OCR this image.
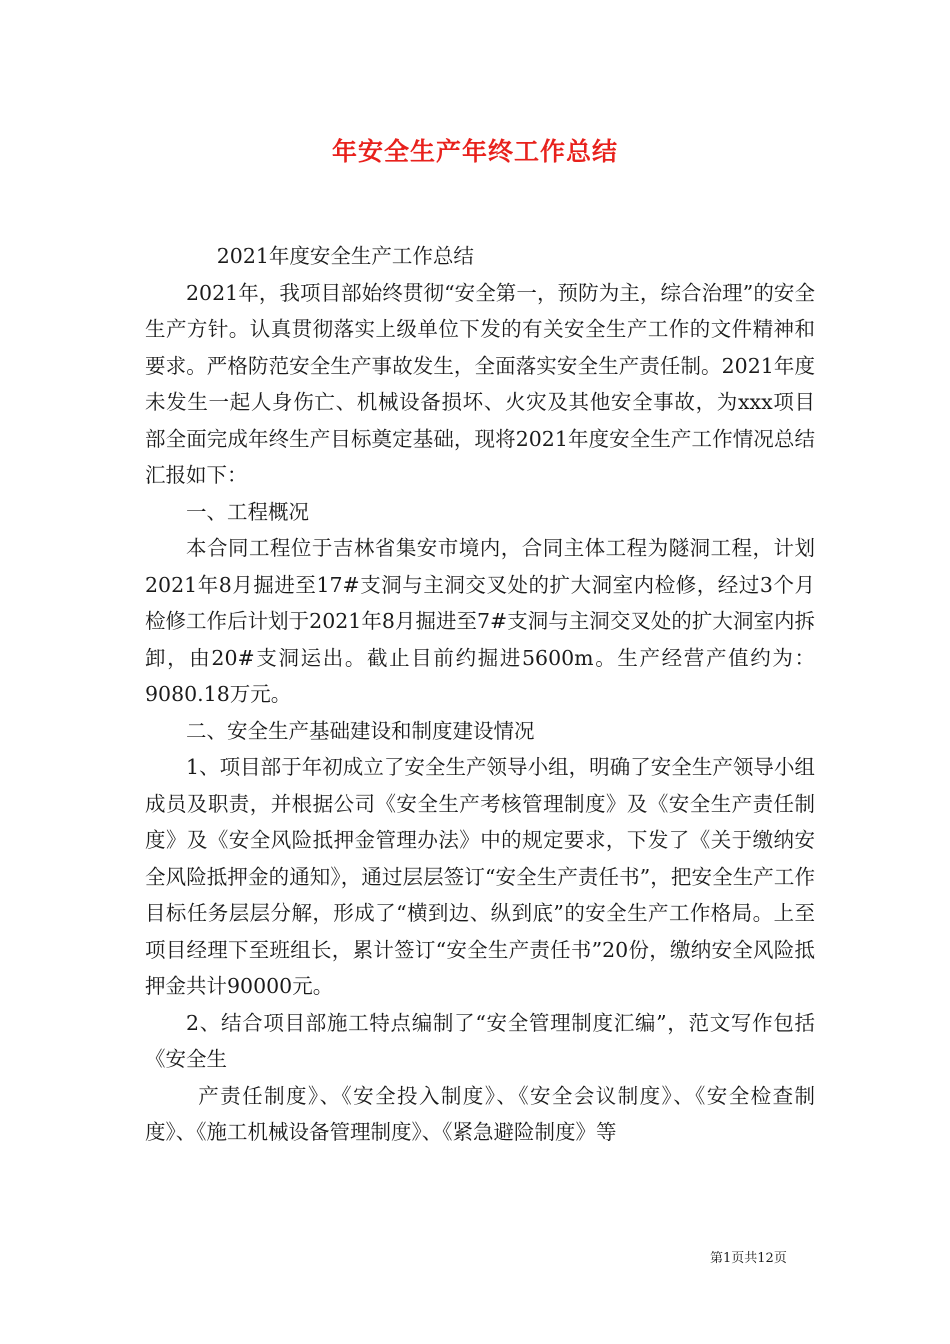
年安全生产年终工作总结

2021年度安全生产工作总结

2021年，我项目部始终贯彻“安全第一，预防为主，综合治理”的安全生产方针。认真贯彻落实上级单位下发的有关安全生产工作的文件精神和要求。严格防范安全生产事故发生，全面落实安全生产责任制。2021年度未发生一起人身伤亡、机械设备损坏、火灾及其他安全事故，为xxx项目部全面完成年终生产目标奠定基础，现将2021年度安全生产工作情况总结汇报如下：

一、工程概况

本合同工程位于吉林省集安市境内，合同主体工程为隧洞工程，计划2021年8月掘进至17#支洞与主洞交叉处的扩大洞室内检修，经过3个月检修工作后计划于2021年8月掘进至7#支洞与主洞交叉处的扩大洞室内拆卸，由20#支洞运出。截止目前约掘进5600m。生产经营产值约为：9080.18万元。

二、安全生产基础建设和制度建设情况

1、项目部于年初成立了安全生产领导小组，明确了安全生产领导小组成员及职责，并根据公司《安全生产考核管理制度》及《安全生产责任制度》及《安全风险抵押金管理办法》中的规定要求，下发了《关于缴纳安全风险抵押金的通知》，通过层层签订“安全生产责任书”，把安全生产工作目标任务层层分解，形成了“横到边、纵到底”的安全生产工作格局。上至项目经理下至班组长，累计签订“安全生产责任书”20份，缴纳安全风险抵押金共计90000元。

2、结合项目部施工特点编制了“安全管理制度汇编”，范文写作包括《安全生

产责任制度》、《安全投入制度》、《安全会议制度》、《安全检查制度》、《施工机械设备管理制度》、《紧急避险制度》等

第1页共12页
